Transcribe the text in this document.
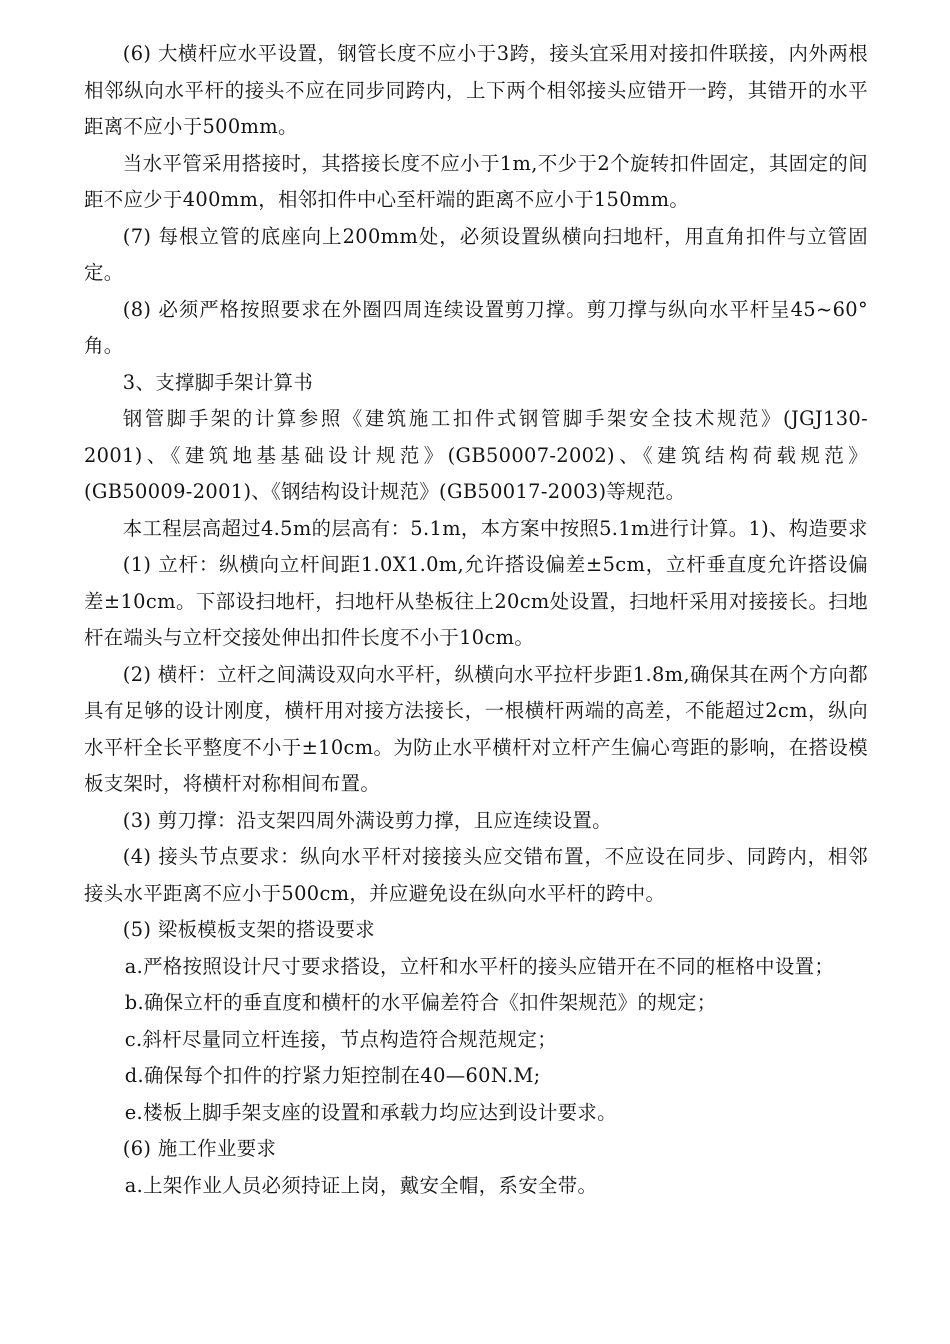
(6) 大横杆应水平设置，钢管长度不应小于3跨，接头宜采用对接扣件联接，内外两根相邻纵向水平杆的接头不应在同步同跨内，上下两个相邻接头应错开一跨，其错开的水平距离不应小于500mm。

当水平管采用搭接时，其搭接长度不应小于1m,不少于2个旋转扣件固定，其固定的间距不应少于400mm，相邻扣件中心至杆端的距离不应小于150mm。

(7) 每根立管的底座向上200mm处，必须设置纵横向扫地杆，用直角扣件与立管固定。

(8) 必须严格按照要求在外圈四周连续设置剪刀撑。剪刀撑与纵向水平杆呈45~60°角。

3、支撑脚手架计算书

钢管脚手架的计算参照《建筑施工扣件式钢管脚手架安全技术规范》(JGJ130-2001)、《建筑地基基础设计规范》(GB50007-2002)、《建筑结构荷载规范》(GB50009-2001)、《钢结构设计规范》(GB50017-2003)等规范。

本工程层高超过4.5m的层高有：5.1m，本方案中按照5.1m进行计算。1)、构造要求

(1) 立杆：纵横向立杆间距1.0X1.0m,允许搭设偏差±5cm，立杆垂直度允许搭设偏差±10cm。下部设扫地杆，扫地杆从垫板往上20cm处设置，扫地杆采用对接接长。扫地杆在端头与立杆交接处伸出扣件长度不小于10cm。

(2) 横杆：立杆之间满设双向水平杆，纵横向水平拉杆步距1.8m,确保其在两个方向都具有足够的设计刚度，横杆用对接方法接长，一根横杆两端的高差，不能超过2cm，纵向水平杆全长平整度不小于±10cm。为防止水平横杆对立杆产生偏心弯距的影响，在搭设模板支架时，将横杆对称相间布置。

(3) 剪刀撑：沿支架四周外满设剪力撑，且应连续设置。

(4) 接头节点要求：纵向水平杆对接接头应交错布置，不应设在同步、同跨内，相邻接头水平距离不应小于500cm，并应避免设在纵向水平杆的跨中。

(5) 梁板模板支架的搭设要求

a.严格按照设计尺寸要求搭设，立杆和水平杆的接头应错开在不同的框格中设置；

b.确保立杆的垂直度和横杆的水平偏差符合《扣件架规范》的规定；

c.斜杆尽量同立杆连接，节点构造符合规范规定；

d.确保每个扣件的拧紧力矩控制在40—60N.M;

e.楼板上脚手架支座的设置和承载力均应达到设计要求。

(6) 施工作业要求

a.上架作业人员必须持证上岗，戴安全帽，系安全带。
